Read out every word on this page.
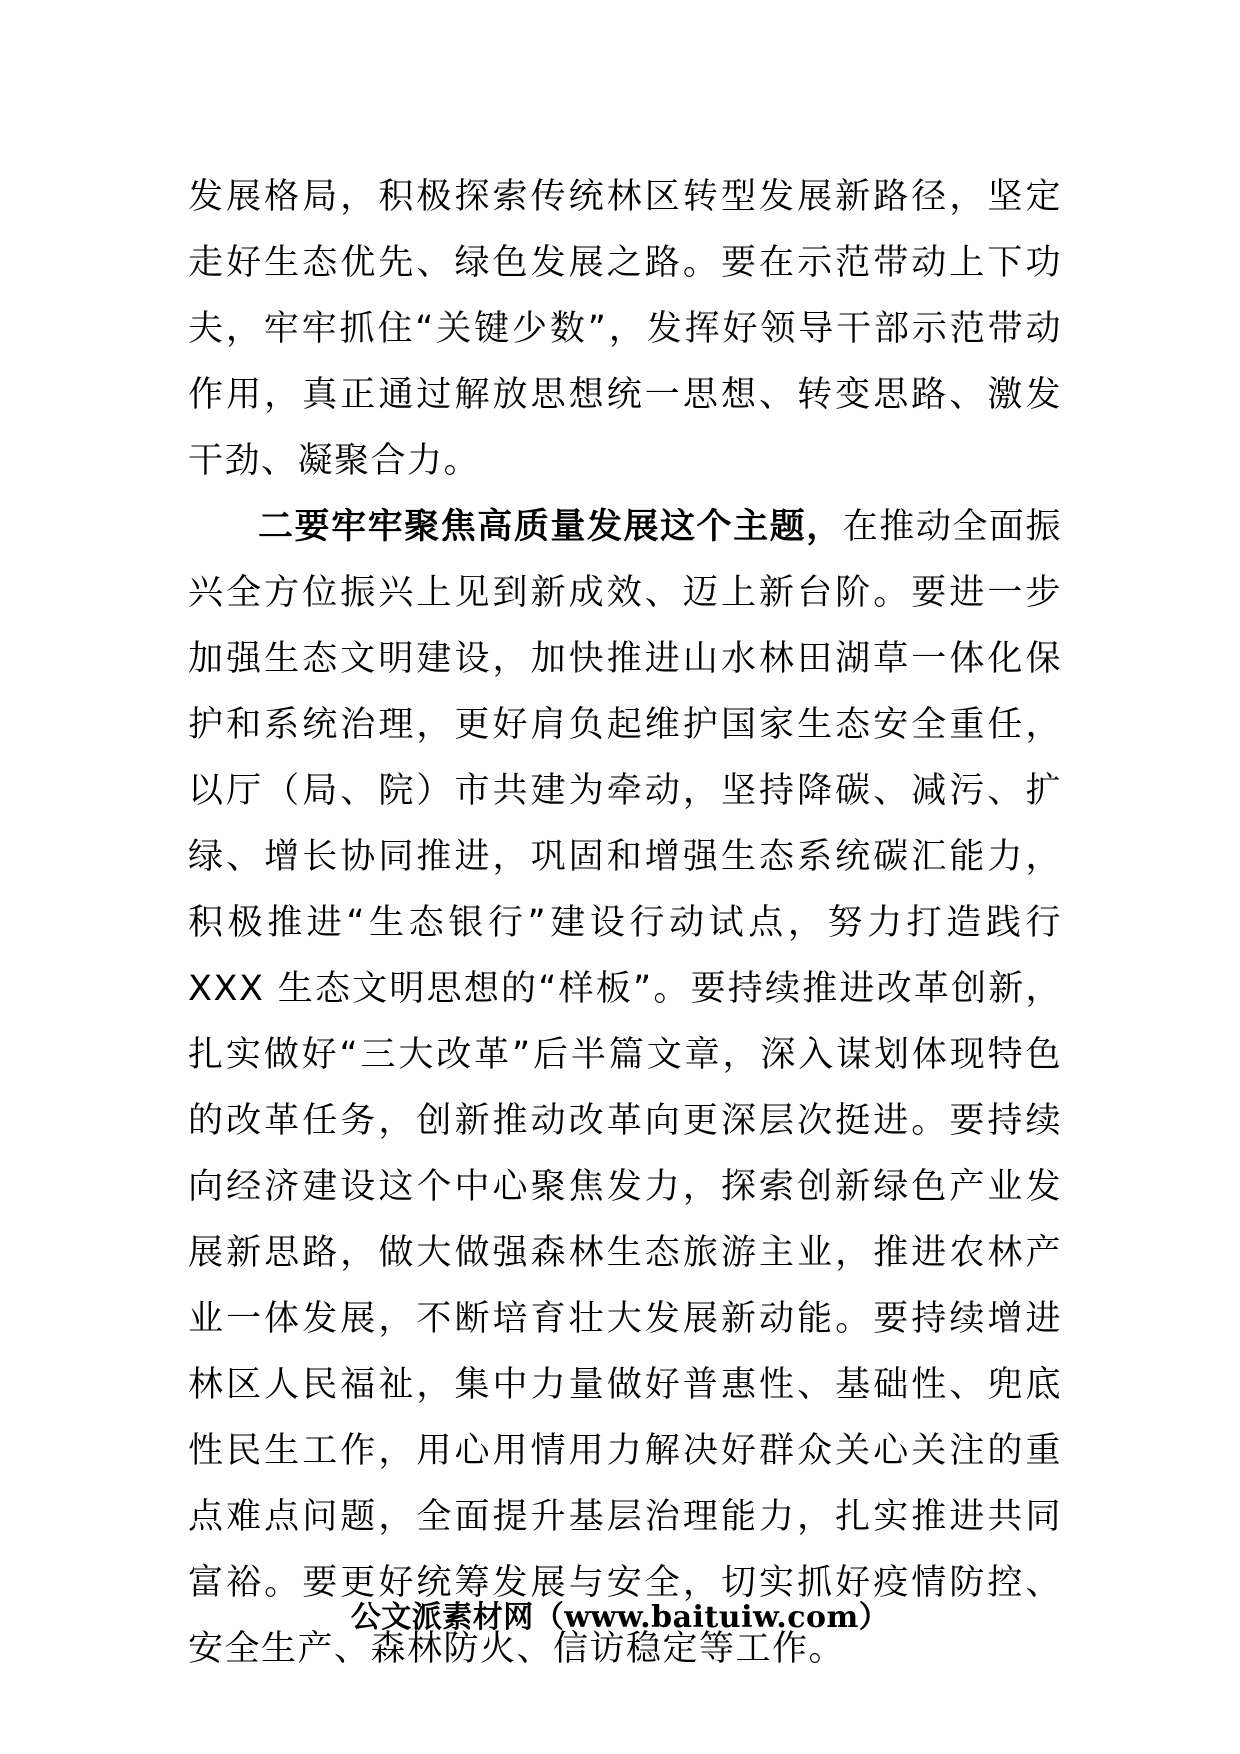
发展格局，积极探索传统林区转型发展新路径，坚定走好生态优先、绿色发展之路。要在示范带动上下功夫，牢牢抓住“关键少数”，发挥好领导干部示范带动作用，真正通过解放思想统一思想、转变思路、激发干劲、凝聚合力。

二要牢牢聚焦高质量发展这个主题，在推动全面振兴全方位振兴上见到新成效、迈上新台阶。要进一步加强生态文明建设，加快推进山水林田湖草一体化保护和系统治理，更好肩负起维护国家生态安全重任，以厅（局、院）市共建为牵动，坚持降碳、减污、扩绿、增长协同推进，巩固和增强生态系统碳汇能力，积极推进“生态银行”建设行动试点，努力打造践行 XXX 生态文明思想的“样板”。要持续推进改革创新，扎实做好“三大改革”后半篇文章，深入谋划体现特色的改革任务，创新推动改革向更深层次挺进。要持续向经济建设这个中心聚焦发力，探索创新绿色产业发展新思路，做大做强森林生态旅游主业，推进农林产业一体发展，不断培育壮大发展新动能。要持续增进林区人民福祉，集中力量做好普惠性、基础性、兜底性民生工作，用心用情用力解决好群众关心关注的重点难点问题，全面提升基层治理能力，扎实推进共同富裕。要更好统筹发展与安全，切实抓好疫情防控、安全生产、森林防火、信访稳定等工作。

公文派素材网（www.baituiw.com）
